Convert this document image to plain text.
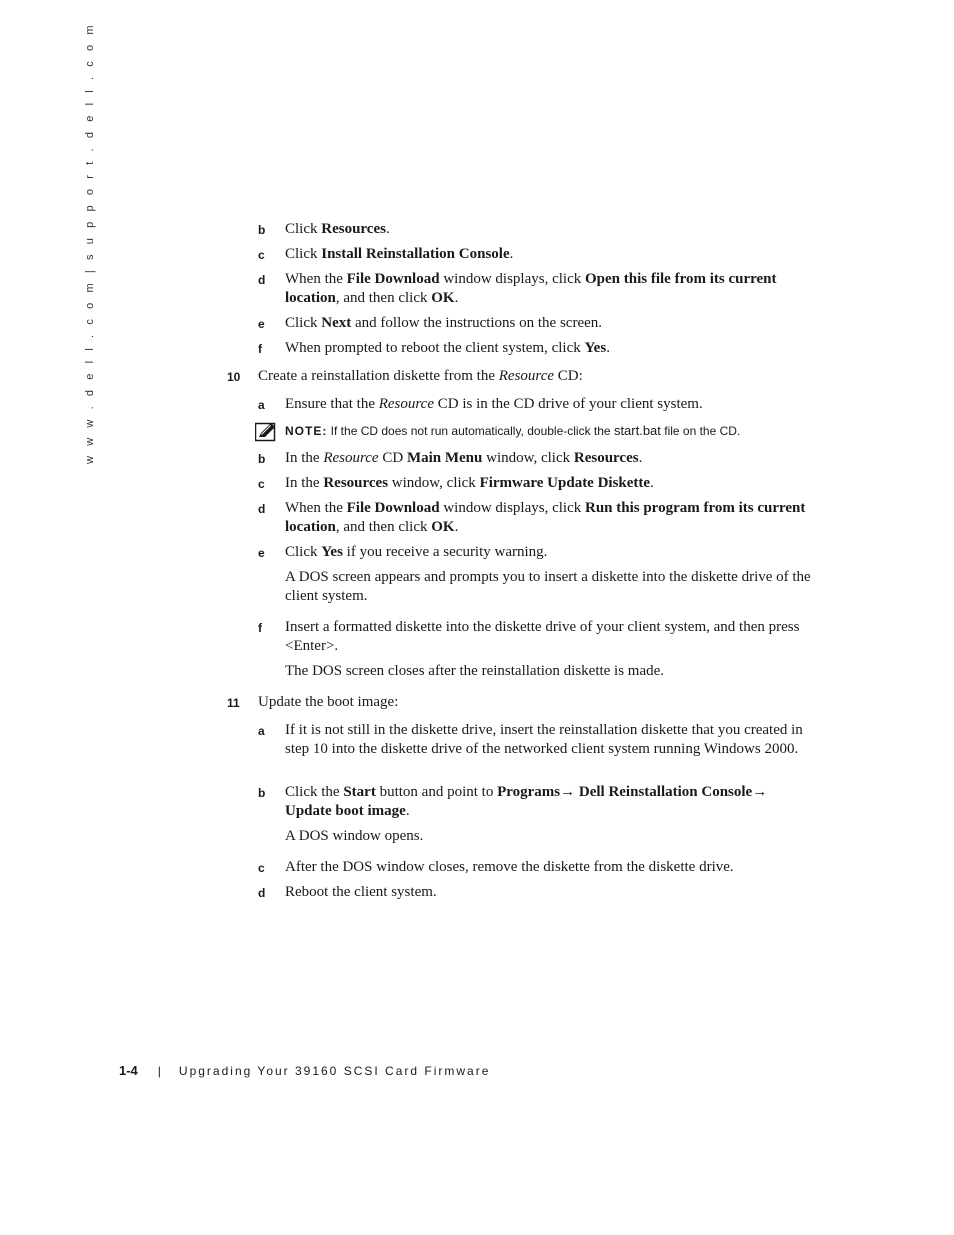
w w w . d e l l . c o m | s u p p o r t . d e l l . c o m	b Click Resources.
c Click Install Reinstallation Console.
d When the File Download window displays, click Open this file from its current location, and then click OK.
e Click Next and follow the instructions on the screen.
f When prompted to reboot the client system, click Yes.
10 Create a reinstallation diskette from the Resource CD:
a Ensure that the Resource CD is in the CD drive of your client system.
NOTE: If the CD does not run automatically, double-click the start.bat file on the CD.
b In the Resource CD Main Menu window, click Resources.
c In the Resources window, click Firmware Update Diskette.
d When the File Download window displays, click Run this program from its current location, and then click OK.
e Click Yes if you receive a security warning.
A DOS screen appears and prompts you to insert a diskette into the diskette drive of the client system.
f Insert a formatted diskette into the diskette drive of your client system, and then press <Enter>.
The DOS screen closes after the reinstallation diskette is made.
11 Update the boot image:
a If it is not still in the diskette drive, insert the reinstallation diskette that you created in step 10 into the diskette drive of the networked client system running Windows 2000.
b Click the Start button and point to Programs→ Dell Reinstallation Console→ Update boot image.
A DOS window opens.
c After the DOS window closes, remove the diskette from the diskette drive.
d Reboot the client system.
1-4 | Upgrading Your 39160 SCSI Card Firmware
